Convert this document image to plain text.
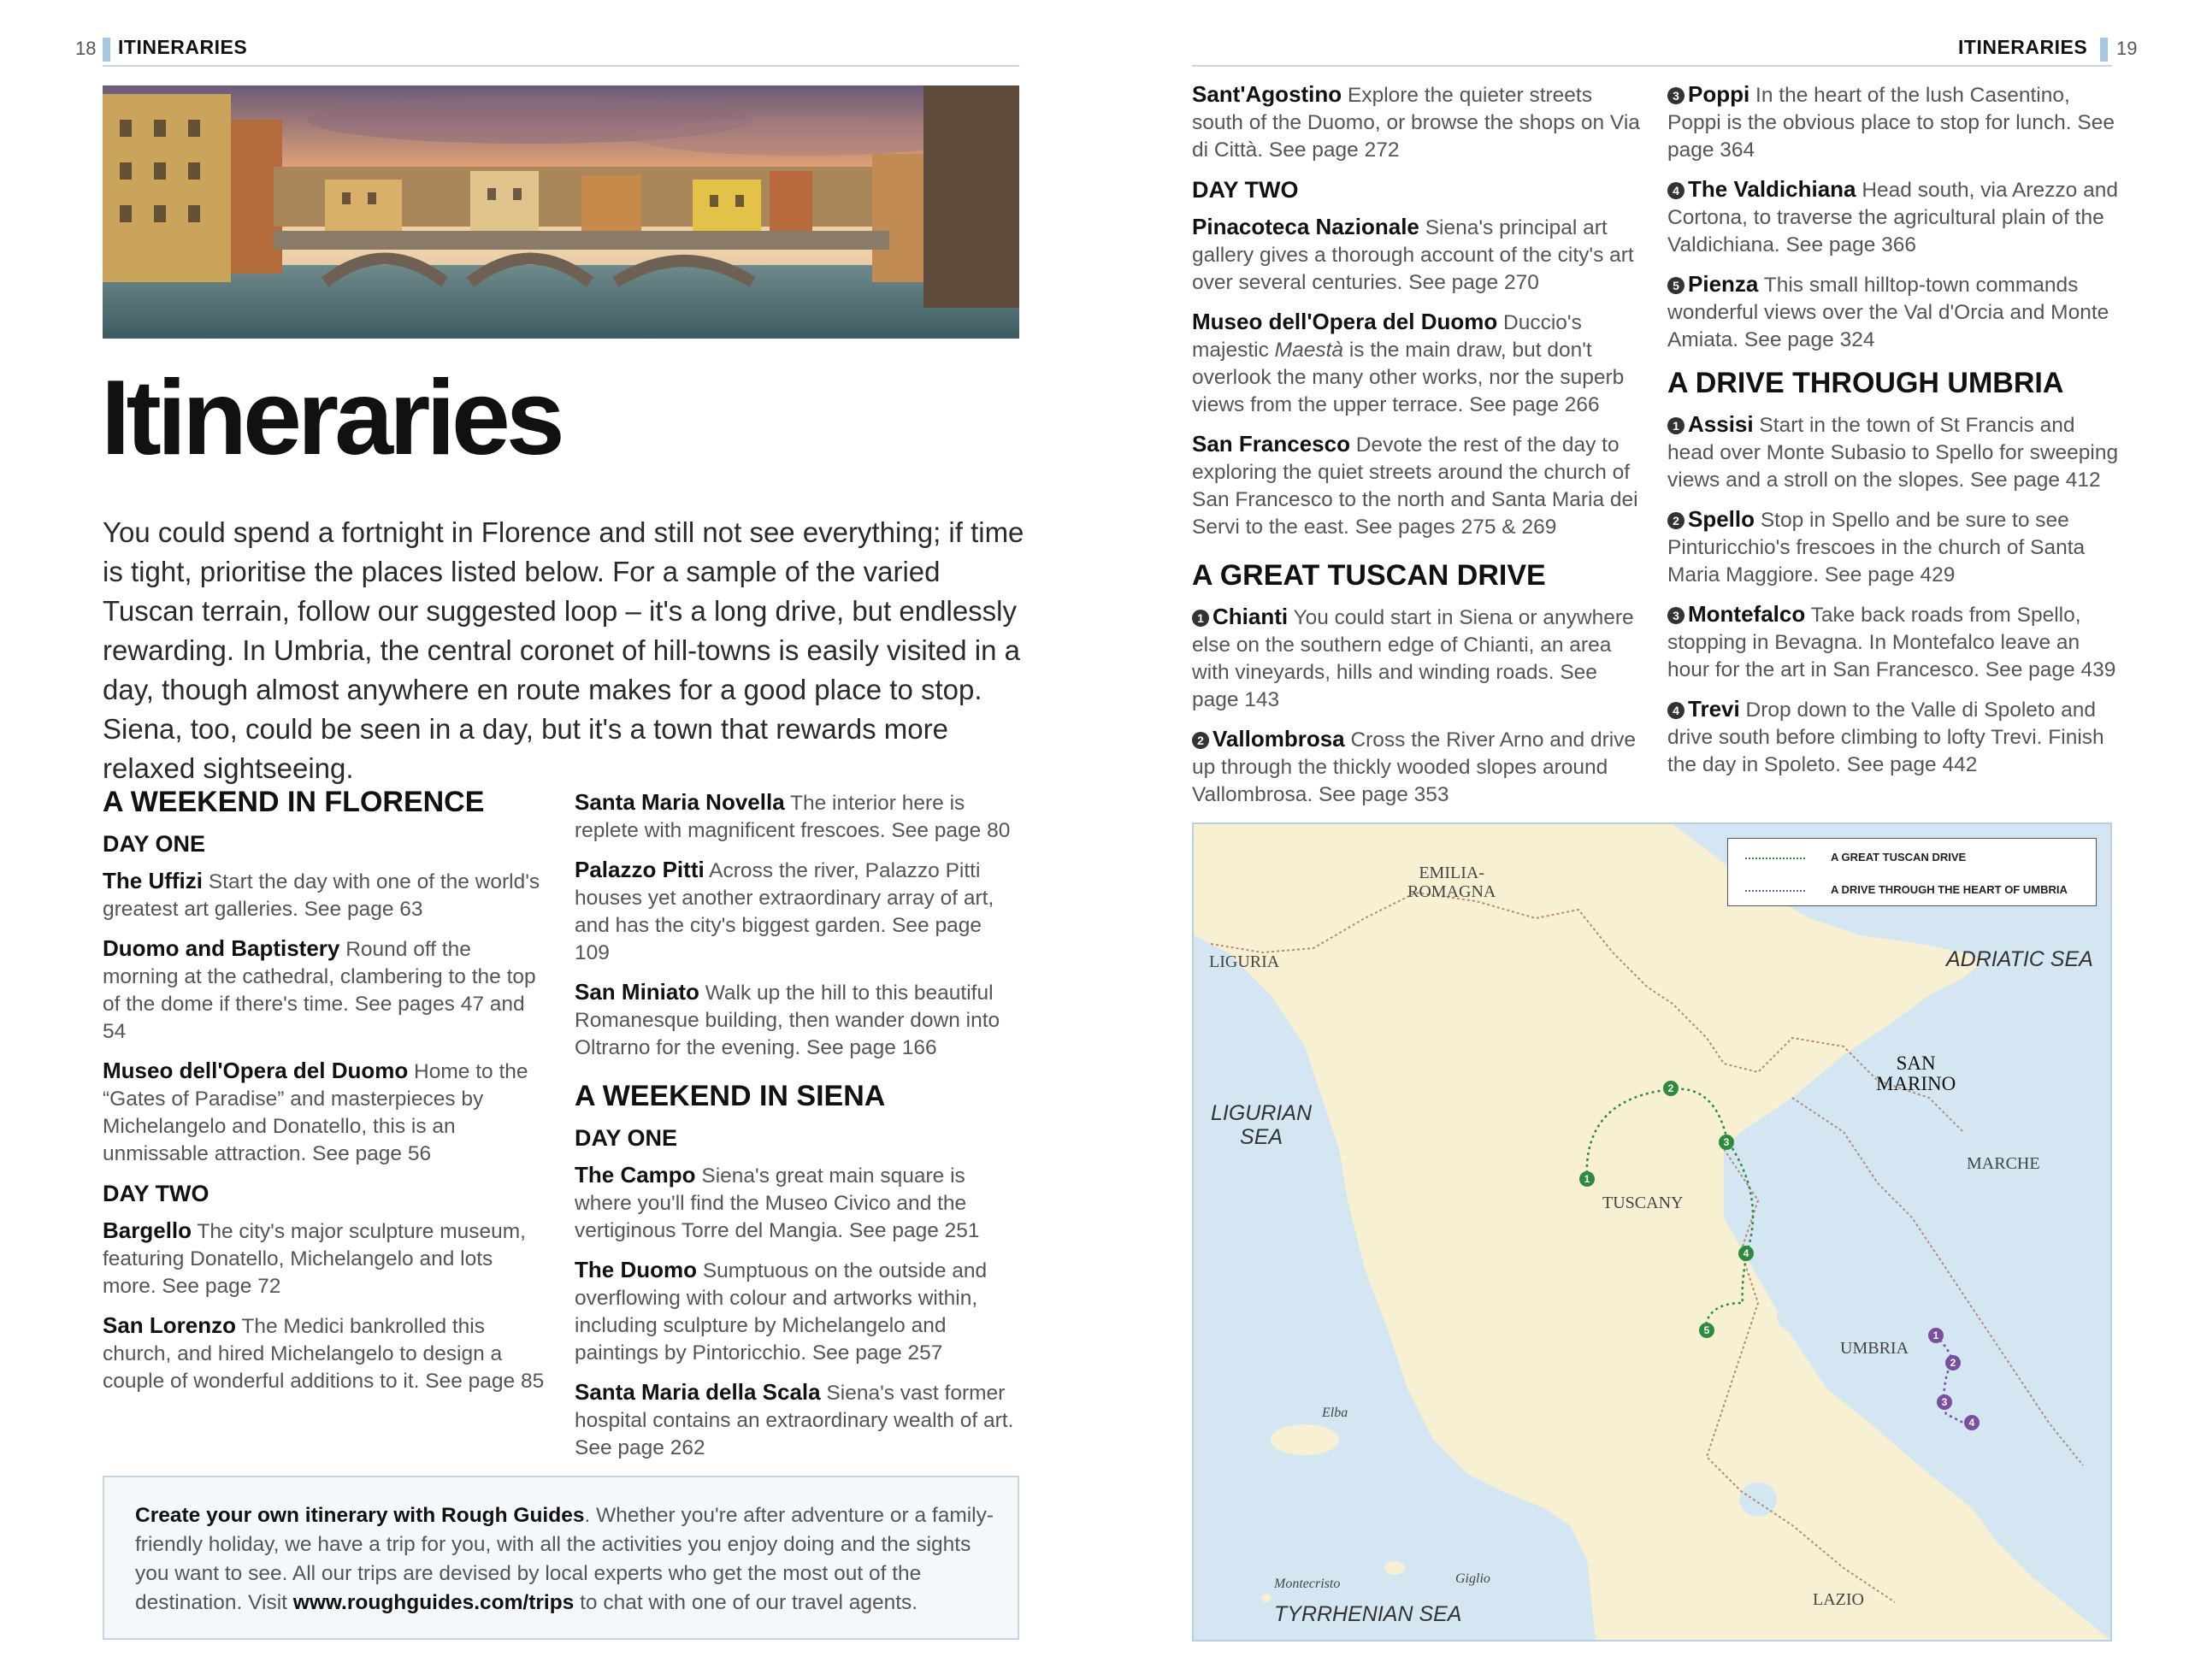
18 ITINERARIES
Itineraries
You could spend a fortnight in Florence and still not see everything; if time is tight, prioritise the places listed below. For a sample of the varied Tuscan terrain, follow our suggested loop – it's a long drive, but endlessly rewarding. In Umbria, the central coronet of hill-towns is easily visited in a day, though almost anywhere en route makes for a good place to stop. Siena, too, could be seen in a day, but it's a town that rewards more relaxed sightseeing.
A WEEKEND IN FLORENCE
DAY ONE

The Uffizi Start the day with one of the world's greatest art galleries. See page 63

Duomo and Baptistery Round off the morning at the cathedral, clambering to the top of the dome if there's time. See pages 47 and 54

Museo dell'Opera del Duomo Home to the “Gates of Paradise” and masterpieces by Michelangelo and Donatello, this is an unmissable attraction. See page 56

DAY TWO

Bargello The city's major sculpture museum, featuring Donatello, Michelangelo and lots more. See page 72

San Lorenzo The Medici bankrolled this church, and hired Michelangelo to design a couple of wonderful additions to it. See page 85

Santa Maria Novella The interior here is replete with magnificent frescoes. See page 80

Palazzo Pitti Across the river, Palazzo Pitti houses yet another extraordinary array of art, and has the city's biggest garden. See page 109

San Miniato Walk up the hill to this beautiful Romanesque building, then wander down into Oltrarno for the evening. See page 166

A WEEKEND IN SIENA
DAY ONE

The Campo Siena's great main square is where you'll find the Museo Civico and the vertiginous Torre del Mangia. See page 251

The Duomo Sumptuous on the outside and overflowing with colour and artworks within, including sculpture by Michelangelo and paintings by Pintoricchio. See page 257

Santa Maria della Scala Siena's vast former hospital contains an extraordinary wealth of art. See page 262

Create your own itinerary with Rough Guides. Whether you're after adventure or a family-friendly holiday, we have a trip for you, with all the activities you enjoy doing and the sights you want to see. All our trips are devised by local experts who get the most out of the destination. Visit www.roughguides.com/trips to chat with one of our travel agents.
ITINERARIES 19

Sant'Agostino Explore the quieter streets south of the Duomo, or browse the shops on Via di Città. See page 272

DAY TWO

Pinacoteca Nazionale Siena's principal art gallery gives a thorough account of the city's art over several centuries. See page 270

Museo dell'Opera del Duomo Duccio's majestic Maestà is the main draw, but don't overlook the many other works, nor the superb views from the upper terrace. See page 266

San Francesco Devote the rest of the day to exploring the quiet streets around the church of San Francesco to the north and Santa Maria dei Servi to the east. See pages 275 & 269

A GREAT TUSCAN DRIVE

1 Chianti You could start in Siena or anywhere else on the southern edge of Chianti, an area with vineyards, hills and winding roads. See page 143

2 Vallombrosa Cross the River Arno and drive up through the thickly wooded slopes around Vallombrosa. See page 353

3 Poppi In the heart of the lush Casentino, Poppi is the obvious place to stop for lunch. See page 364

4 The Valdichiana Head south, via Arezzo and Cortona, to traverse the agricultural plain of the Valdichiana. See page 366

5 Pienza This small hilltop-town commands wonderful views over the Val d'Orcia and Monte Amiata. See page 324

A DRIVE THROUGH UMBRIA

1 Assisi Start in the town of St Francis and head over Monte Subasio to Spello for sweeping views and a stroll on the slopes. See page 412

2 Spello Stop in Spello and be sure to see Pinturicchio's frescoes in the church of Santa Maria Maggiore. See page 429

3 Montefalco Take back roads from Spello, stopping in Bevagna. In Montefalco leave an hour for the art in San Francesco. See page 439

4 Trevi Drop down to the Valle di Spoleto and drive south before climbing to lofty Trevi. Finish the day in Spoleto. See page 442

1
2
3
4
5	1
2
3
4
EMILIA-
ROMAGNA
LIGURIA	ADRIATIC SEA
SAN
MARINO
LIGURIAN
SEA
MARCHE
TUSCANY
UMBRIA
Elba
Montecristo	Giglio
TYRRHENIAN SEA
LAZIO
A GREAT TUSCAN DRIVE
A DRIVE THROUGH THE HEART OF UMBRIA
